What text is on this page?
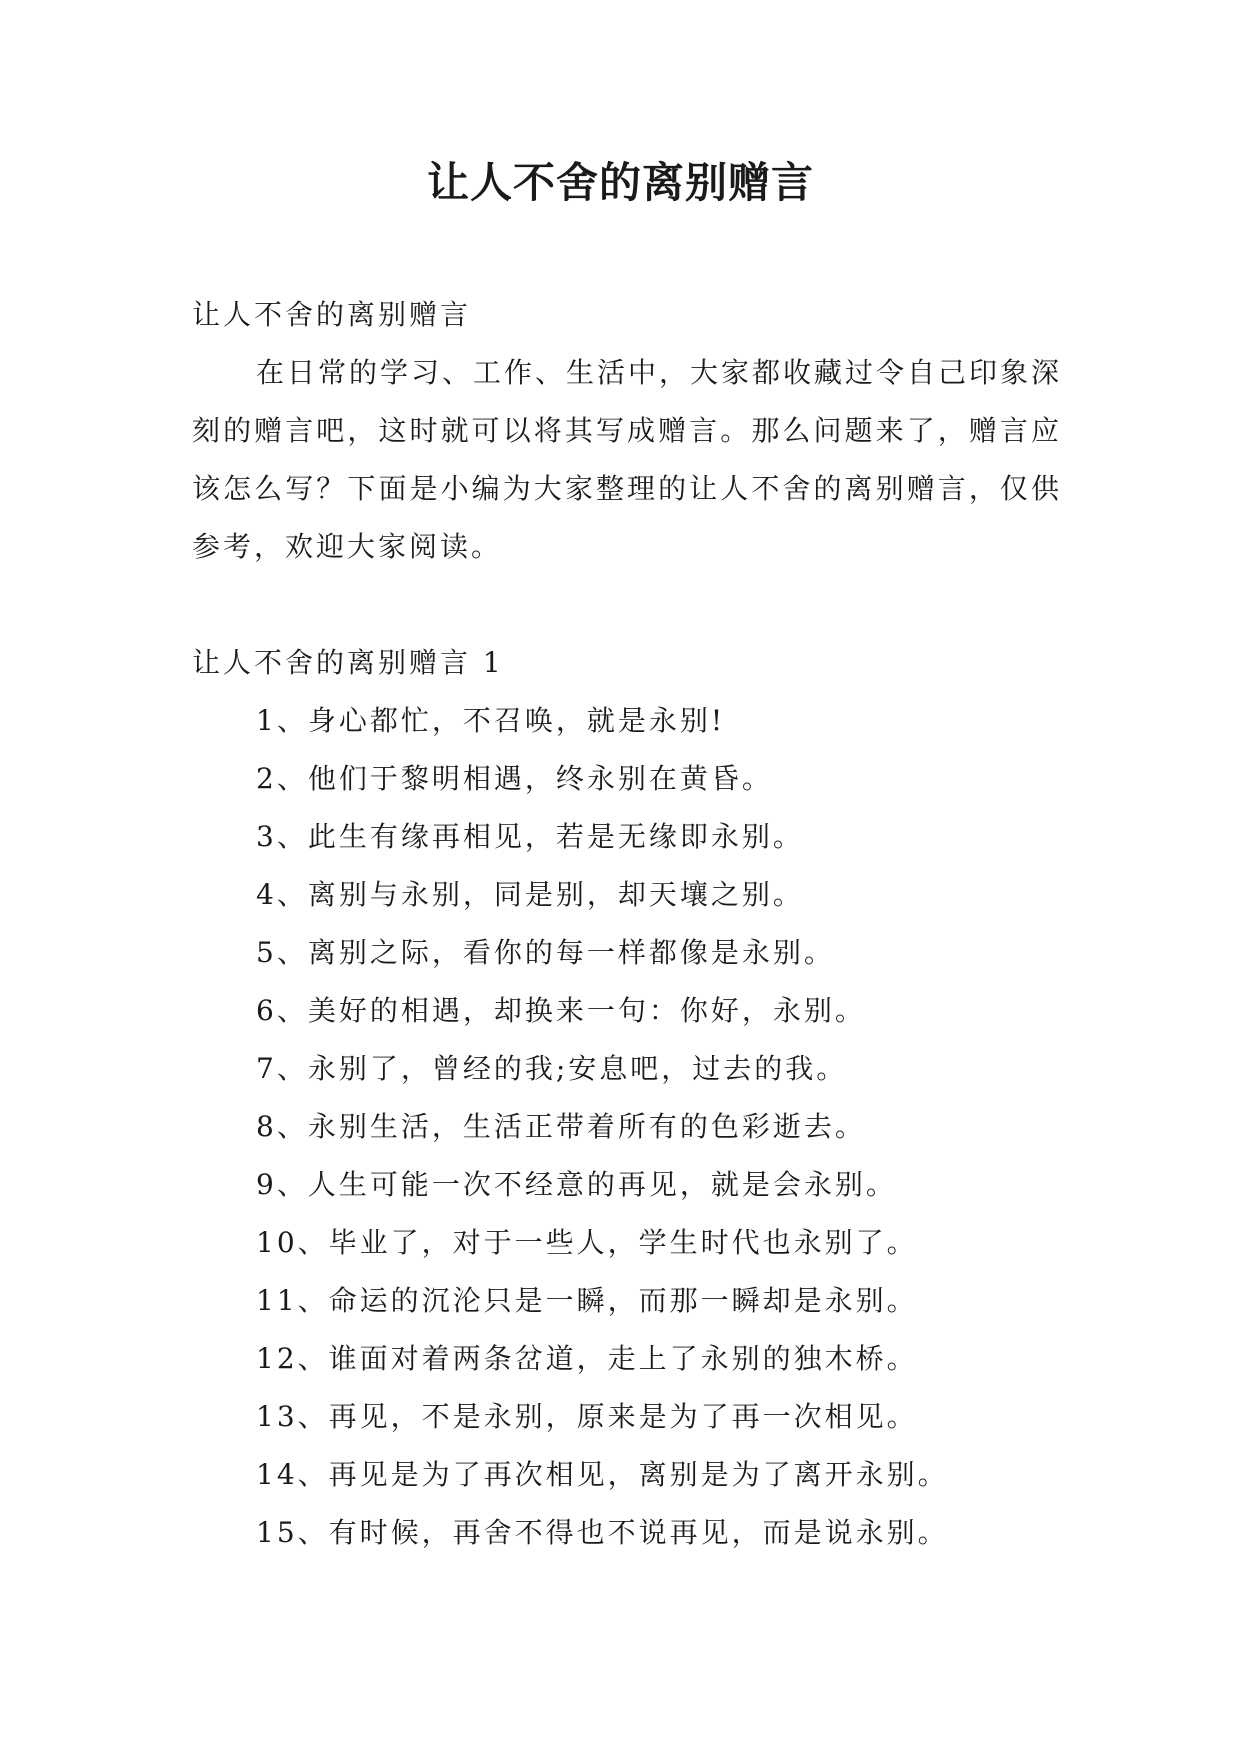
让人不舍的离别赠言

让人不舍的离别赠言

在日常的学习、工作、生活中，大家都收藏过令自己印象深刻的赠言吧，这时就可以将其写成赠言。那么问题来了，赠言应该怎么写？下面是小编为大家整理的让人不舍的离别赠言，仅供参考，欢迎大家阅读。

让人不舍的离别赠言 1

1、身心都忙，不召唤，就是永别!
2、他们于黎明相遇，终永别在黄昏。
3、此生有缘再相见，若是无缘即永别。
4、离别与永别，同是别，却天壤之别。
5、离别之际，看你的每一样都像是永别。
6、美好的相遇，却换来一句：你好，永别。
7、永别了，曾经的我;安息吧，过去的我。
8、永别生活，生活正带着所有的色彩逝去。
9、人生可能一次不经意的再见，就是会永别。
10、毕业了，对于一些人，学生时代也永别了。
11、命运的沉沦只是一瞬，而那一瞬却是永别。
12、谁面对着两条岔道，走上了永别的独木桥。
13、再见，不是永别，原来是为了再一次相见。
14、再见是为了再次相见，离别是为了离开永别。
15、有时候，再舍不得也不说再见，而是说永别。
